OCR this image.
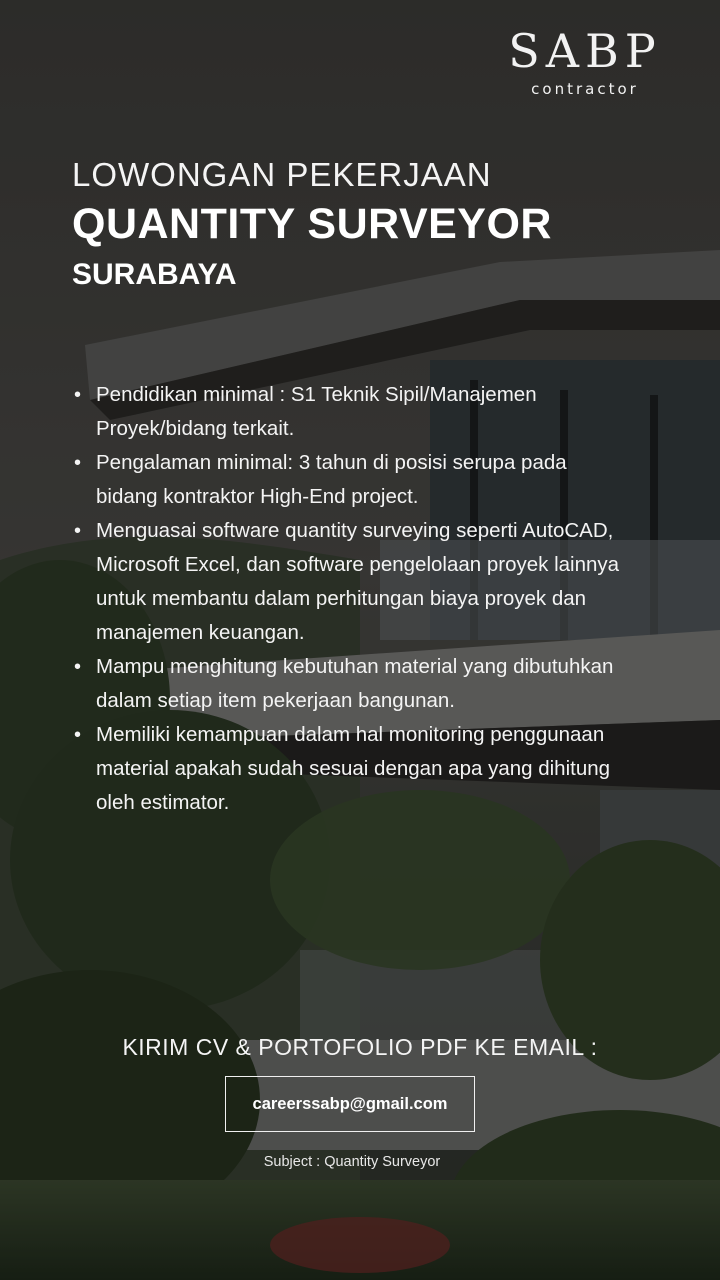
SABP
contractor
LOWONGAN PEKERJAAN
QUANTITY SURVEYOR
SURABAYA
• Pendidikan minimal : S1 Teknik Sipil/Manajemen Proyek/bidang terkait.
• Pengalaman minimal: 3 tahun di posisi serupa pada bidang kontraktor High-End project.
• Menguasai software quantity surveying seperti AutoCAD, Microsoft Excel, dan software pengelolaan proyek lainnya untuk membantu dalam perhitungan biaya proyek dan manajemen keuangan.
• Mampu menghitung kebutuhan material yang dibutuhkan dalam setiap item pekerjaan bangunan.
• Memiliki kemampuan dalam hal monitoring penggunaan material apakah sudah sesuai dengan apa yang dihitung oleh estimator.
KIRIM CV & PORTOFOLIO PDF KE EMAIL :
careerssabp@gmail.com
Subject : Quantity Surveyor
